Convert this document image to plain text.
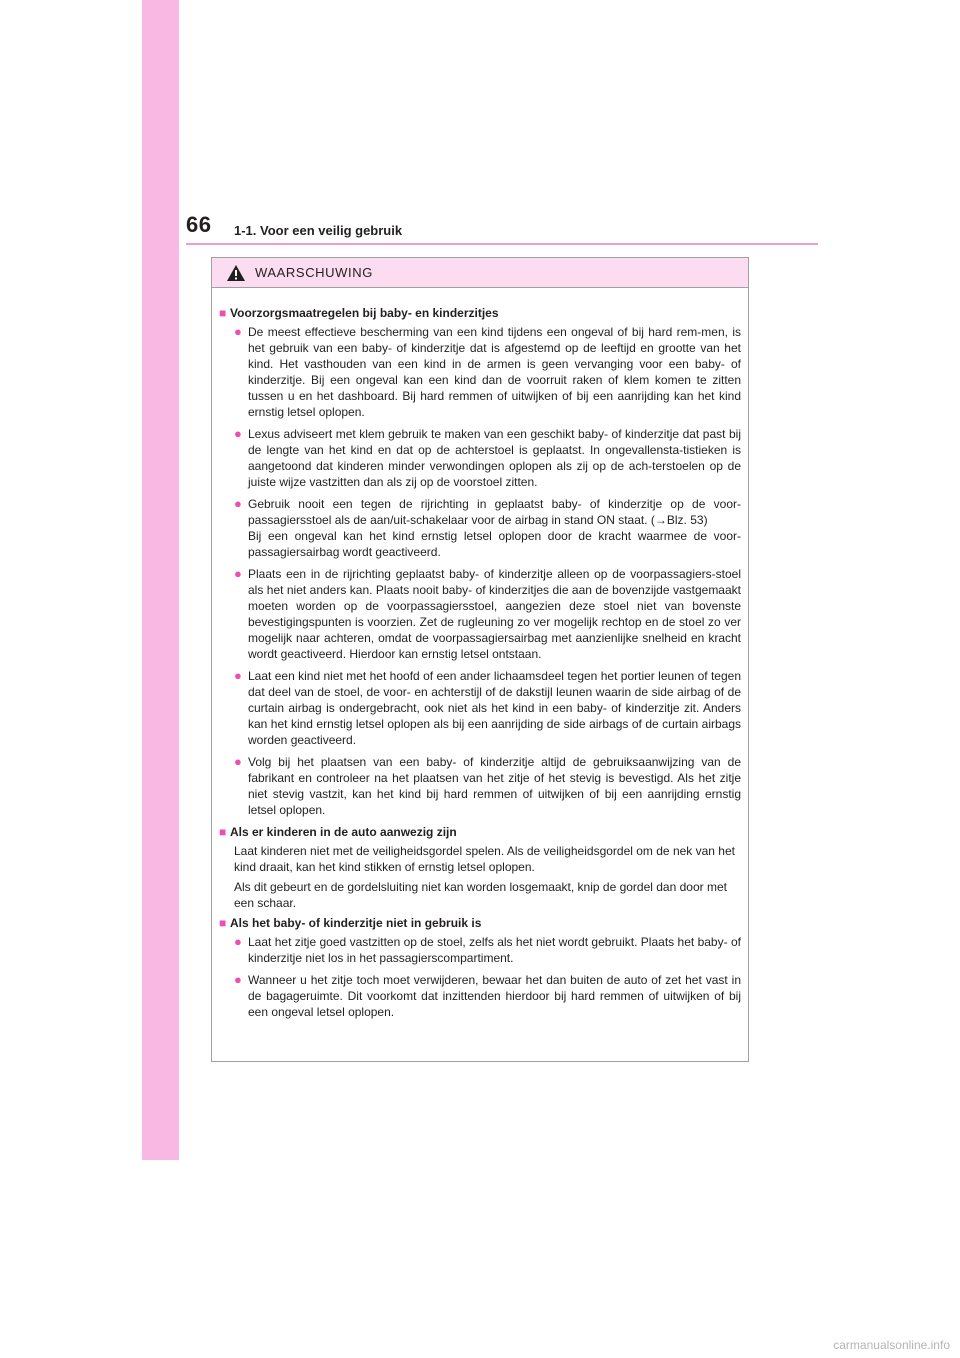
66 1-1. Voor een veilig gebruik
WAARSCHUWING
■ Voorzorgsmaatregelen bij baby- en kinderzitjes
● De meest effectieve bescherming van een kind tijdens een ongeval of bij hard rem-men, is het gebruik van een baby- of kinderzitje dat is afgestemd op de leeftijd en grootte van het kind. Het vasthouden van een kind in de armen is geen vervanging voor een baby- of kinderzitje. Bij een ongeval kan een kind dan de voorruit raken of klem komen te zitten tussen u en het dashboard. Bij hard remmen of uitwijken of bij een aanrijding kan het kind ernstig letsel oplopen.
● Lexus adviseert met klem gebruik te maken van een geschikt baby- of kinderzitje dat past bij de lengte van het kind en dat op de achterstoel is geplaatst. In ongevallensta-tistieken is aangetoond dat kinderen minder verwondingen oplopen als zij op de ach-terstoelen op de juiste wijze vastzitten dan als zij op de voorstoel zitten.
● Gebruik nooit een tegen de rijrichting in geplaatst baby- of kinderzitje op de voor-passagiersstoel als de aan/uit-schakelaar voor de airbag in stand ON staat. (→Blz. 53)
Bij een ongeval kan het kind ernstig letsel oplopen door de kracht waarmee de voor-passagiersairbag wordt geactiveerd.
● Plaats een in de rijrichting geplaatst baby- of kinderzitje alleen op de voorpassagiers-stoel als het niet anders kan. Plaats nooit baby- of kinderzitjes die aan de bovenzijde vastgemaakt moeten worden op de voorpassagiersstoel, aangezien deze stoel niet van bovenste bevestigingspunten is voorzien. Zet de rugleuning zo ver mogelijk rechtop en de stoel zo ver mogelijk naar achteren, omdat de voorpassagiersairbag met aanzienlijke snelheid en kracht wordt geactiveerd. Hierdoor kan ernstig letsel ontstaan.
● Laat een kind niet met het hoofd of een ander lichaamsdeel tegen het portier leunen of tegen dat deel van de stoel, de voor- en achterstijl of de dakstijl leunen waarin de side airbag of de curtain airbag is ondergebracht, ook niet als het kind in een baby- of kinderzitje zit. Anders kan het kind ernstig letsel oplopen als bij een aanrijding de side airbags of de curtain airbags worden geactiveerd.
● Volg bij het plaatsen van een baby- of kinderzitje altijd de gebruiksaanwijzing van de fabrikant en controleer na het plaatsen van het zitje of het stevig is bevestigd. Als het zitje niet stevig vastzit, kan het kind bij hard remmen of uitwijken of bij een aanrijding ernstig letsel oplopen.
■ Als er kinderen in de auto aanwezig zijn
Laat kinderen niet met de veiligheidsgordel spelen. Als de veiligheidsgordel om de nek van het kind draait, kan het kind stikken of ernstig letsel oplopen.
Als dit gebeurt en de gordelsluiting niet kan worden losgemaakt, knip de gordel dan door met een schaar.
■ Als het baby- of kinderzitje niet in gebruik is
● Laat het zitje goed vastzitten op de stoel, zelfs als het niet wordt gebruikt. Plaats het baby- of kinderzitje niet los in het passagierscompartiment.
● Wanneer u het zitje toch moet verwijderen, bewaar het dan buiten de auto of zet het vast in de bagageruimte. Dit voorkomt dat inzittenden hierdoor bij hard remmen of uitwijken of bij een ongeval letsel oplopen.
carmanualsonline.info
